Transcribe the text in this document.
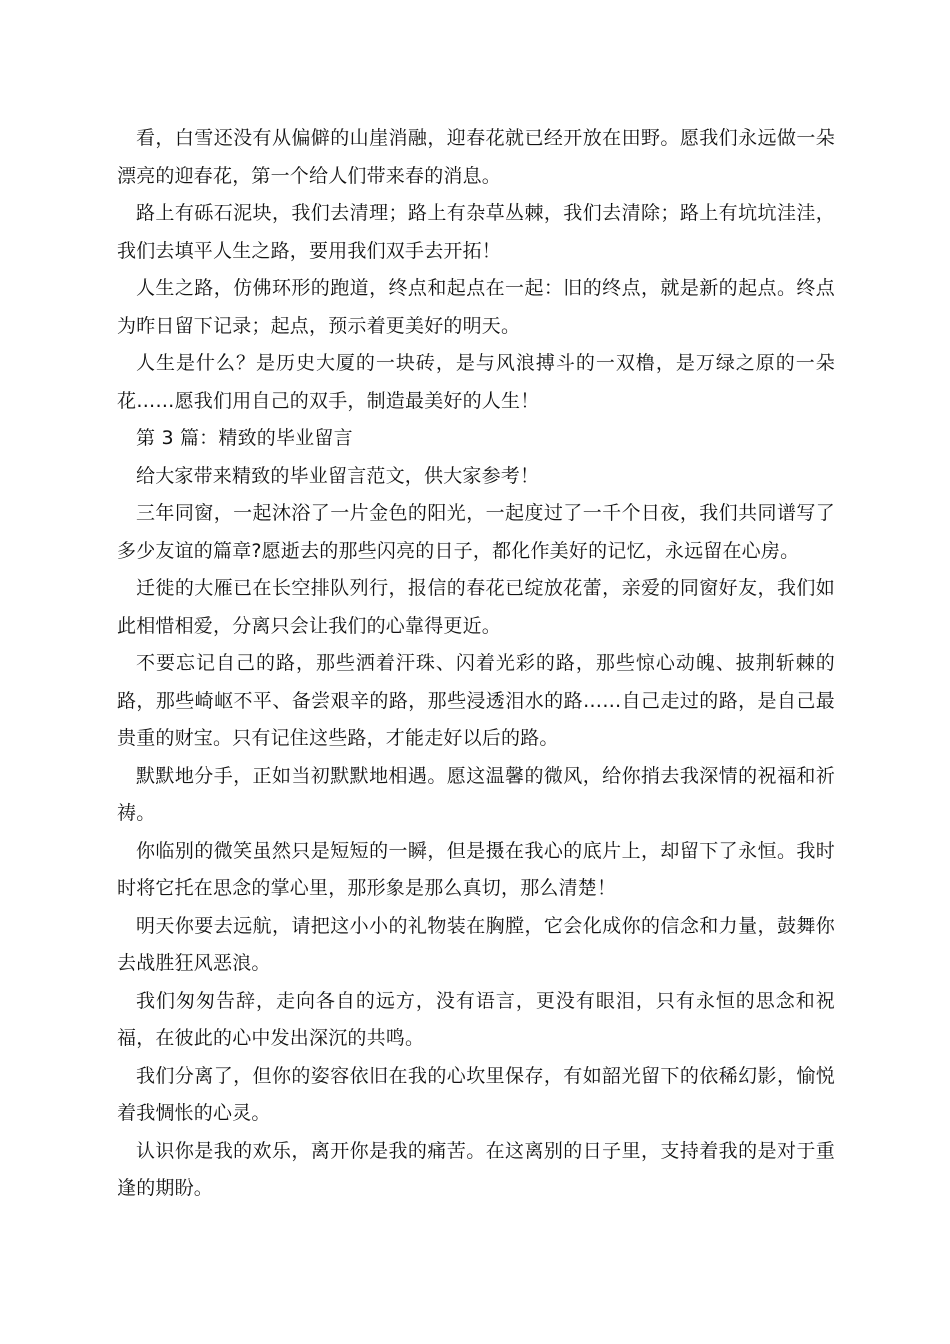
看，白雪还没有从偏僻的山崖消融，迎春花就已经开放在田野。愿我们永远做一朵漂亮的迎春花，第一个给人们带来春的消息。

路上有砾石泥块，我们去清理；路上有杂草丛棘，我们去清除；路上有坑坑洼洼，我们去填平人生之路，要用我们双手去开拓！

人生之路，仿佛环形的跑道，终点和起点在一起：旧的终点，就是新的起点。终点为昨日留下记录；起点，预示着更美好的明天。

人生是什么？是历史大厦的一块砖，是与风浪搏斗的一双橹，是万绿之原的一朵花……愿我们用自己的双手，制造最美好的人生！

第 3 篇：精致的毕业留言

给大家带来精致的毕业留言范文，供大家参考！

三年同窗，一起沐浴了一片金色的阳光，一起度过了一千个日夜，我们共同谱写了多少友谊的篇章?愿逝去的那些闪亮的日子，都化作美好的记忆，永远留在心房。

迁徙的大雁已在长空排队列行，报信的春花已绽放花蕾，亲爱的同窗好友，我们如此相惜相爱，分离只会让我们的心靠得更近。

不要忘记自己的路，那些洒着汗珠、闪着光彩的路，那些惊心动魄、披荆斩棘的路，那些崎岖不平、备尝艰辛的路，那些浸透泪水的路……自己走过的路，是自己最贵重的财宝。只有记住这些路，才能走好以后的路。

默默地分手，正如当初默默地相遇。愿这温馨的微风，给你捎去我深情的祝福和祈祷。

你临别的微笑虽然只是短短的一瞬，但是摄在我心的底片上，却留下了永恒。我时时将它托在思念的掌心里，那形象是那么真切，那么清楚！

明天你要去远航，请把这小小的礼物装在胸膛，它会化成你的信念和力量，鼓舞你去战胜狂风恶浪。

我们匆匆告辞，走向各自的远方，没有语言，更没有眼泪，只有永恒的思念和祝福，在彼此的心中发出深沉的共鸣。

我们分离了，但你的姿容依旧在我的心坎里保存，有如韶光留下的依稀幻影，愉悦着我惆怅的心灵。

认识你是我的欢乐，离开你是我的痛苦。在这离别的日子里，支持着我的是对于重逢的期盼。
